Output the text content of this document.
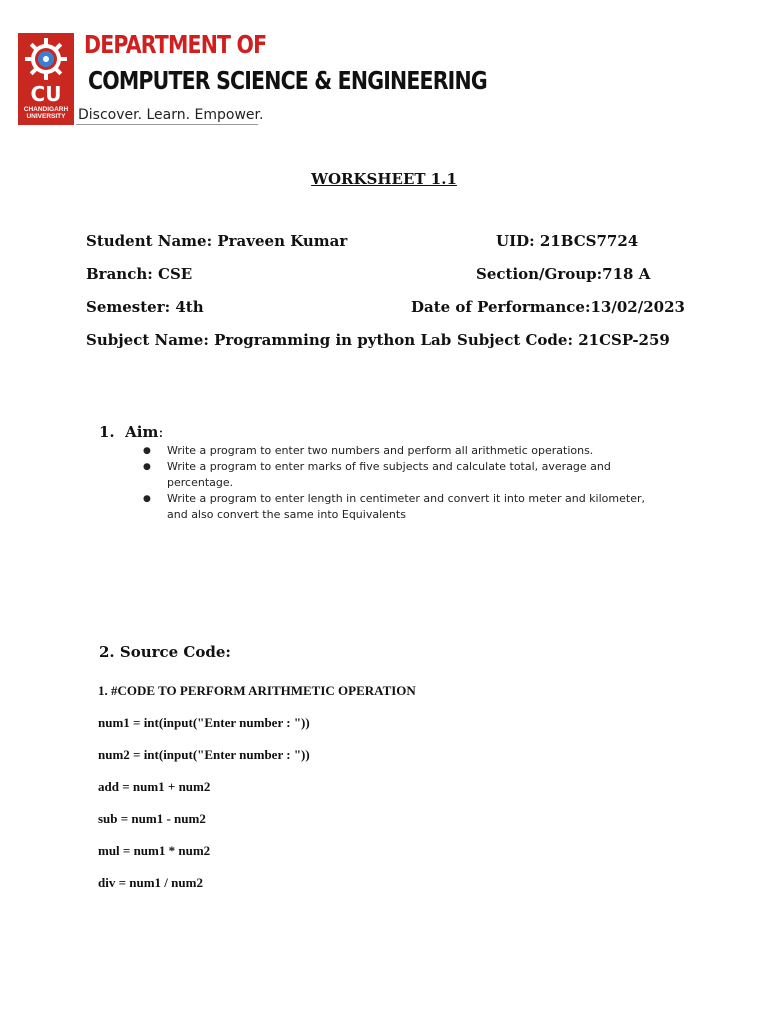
CU
CHANDIGARH UNIVERSITY
DEPARTMENT OF
COMPUTER SCIENCE & ENGINEERING
Discover. Learn. Empower.
WORKSHEET 1.1
Student Name: Praveen Kumar	UID: 21BCS7724
Branch: CSE	Section/Group:718 A
Semester: 4th	Date of Performance:13/02/2023
Subject Name: Programming in python Lab Subject Code: 21CSP-259
1. Aim:
●	Write a program to enter two numbers and perform all arithmetic operations.
●	Write a program to enter marks of five subjects and calculate total, average and percentage.
●	Write a program to enter length in centimeter and convert it into meter and kilometer, and also convert the same into Equivalents
2. Source Code:
1. #CODE TO PERFORM ARITHMETIC OPERATION
num1 = int(input("Enter number : "))
num2 = int(input("Enter number : "))
add = num1 + num2
sub = num1 - num2
mul = num1 * num2
div = num1 / num2
